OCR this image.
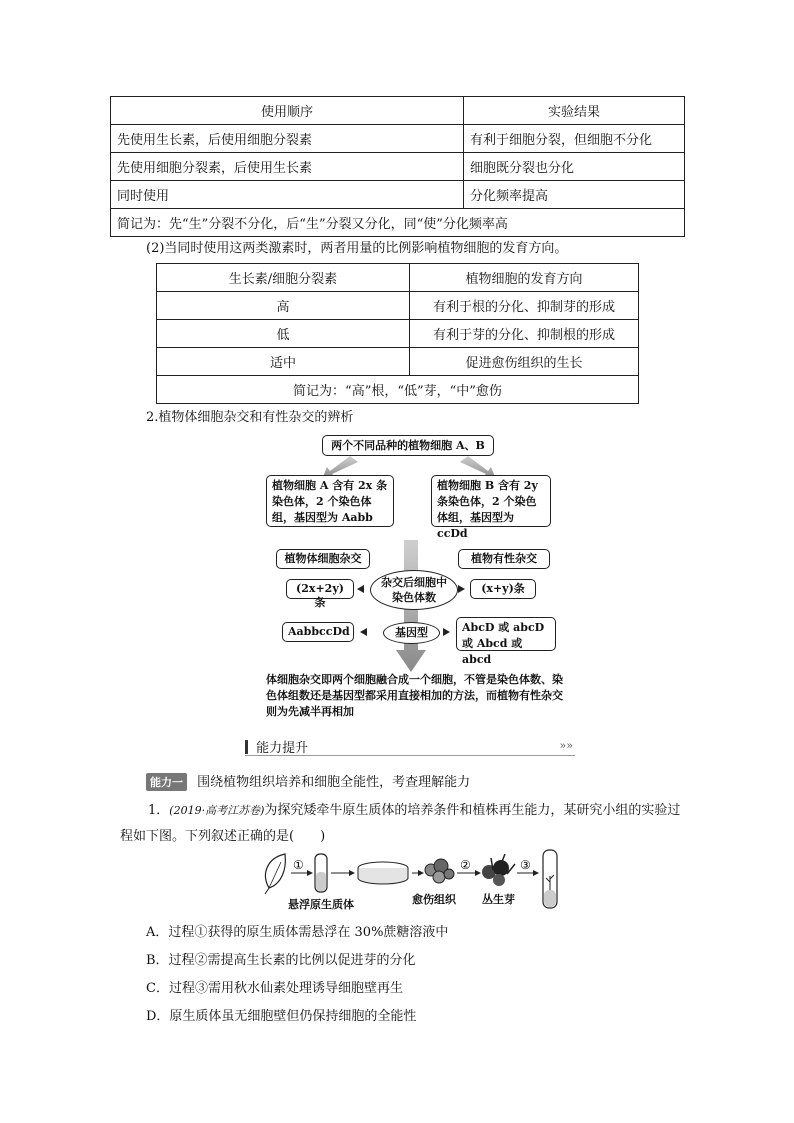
使用顺序	实验结果
先使用生长素，后使用细胞分裂素	有利于细胞分裂，但细胞不分化
先使用细胞分裂素，后使用生长素	细胞既分裂也分化
同时使用	分化频率提高
简记为：先“生”分裂不分化，后“生”分裂又分化，同“使”分化频率高	
(2)当同时使用这两类激素时，两者用量的比例影响植物细胞的发育方向。
生长素/细胞分裂素	植物细胞的发育方向
高	有利于根的分化、抑制芽的形成
低	有利于芽的分化、抑制根的形成
适中	促进愈伤组织的生长
简记为：“高”根，“低”芽，“中”愈伤	
2.植物体细胞杂交和有性杂交的辨析
两个不同品种的植物细胞 A、B
植物细胞 A 含有 2x 条染色体，2 个染色体组，基因型为 Aabb
植物细胞 B 含有 2y 条染色体，2 个染色体组，基因型为 ccDd
植物体细胞杂交	植物有性杂交
杂交后细胞中染色体数
(2x+2y)条
(x+y)条
基因型
AabbccDd	AbcD 或 abcD 或 Abcd 或 abcd
体细胞杂交即两个细胞融合成一个细胞，不管是染色体数、染色体组数还是基因型都采用直接相加的方法，而植物有性杂交则为先减半再相加
能力提升	»»
能力一 围绕植物组织培养和细胞全能性，考查理解能力
1．(2019·高考江苏卷)为探究矮牵牛原生质体的培养条件和植株再生能力，某研究小组的实验过程如下图。下列叙述正确的是(　　)
①	②	③
悬浮原生质体	愈伤组织 丛生芽
A．过程①获得的原生质体需悬浮在 30%蔗糖溶液中
B．过程②需提高生长素的比例以促进芽的分化
C．过程③需用秋水仙素处理诱导细胞壁再生
D．原生质体虽无细胞壁但仍保持细胞的全能性
